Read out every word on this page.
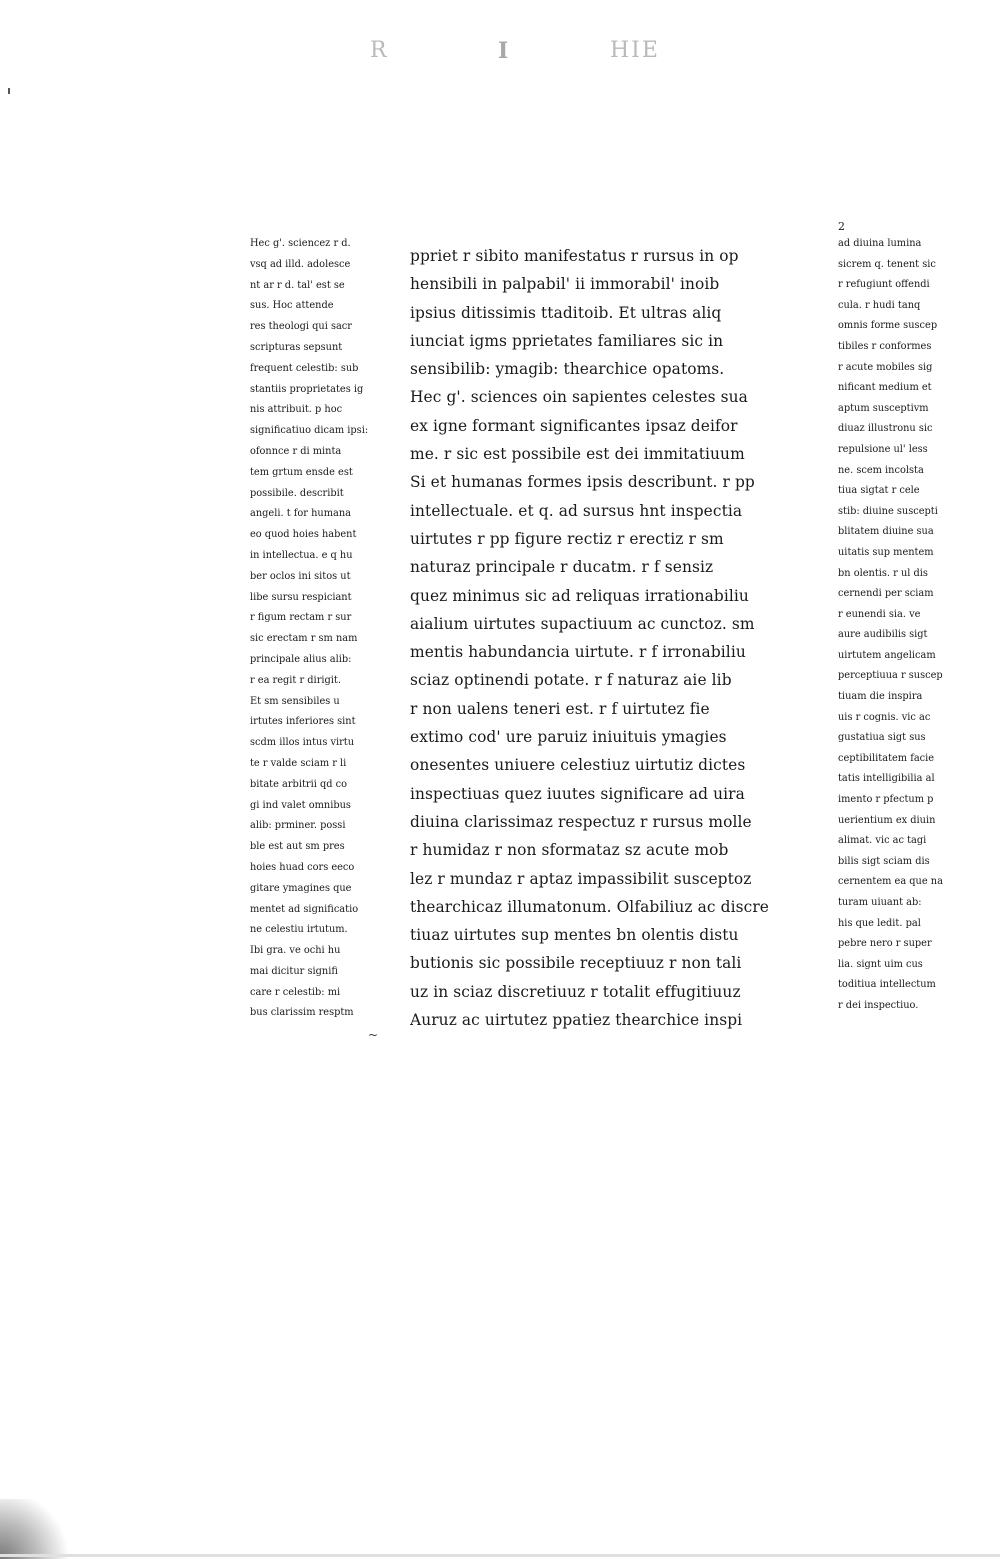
R	I	HIE
Hec g'. sciencez r d.
vsq ad illd. adolesce
nt ar r d. tal' est se
sus. Hoc attende
res theologi qui sacr
scripturas sepsunt
frequent celestib: sub
stantiis proprietates ig
nis attribuit. p hoc
significatiuo dicam ipsi:
ofonnce r di minta
tem grtum ensde est
possibile. describit
angeli. t for humana
eo quod hoies habent
in intellectua. e q hu
ber oclos ini sitos ut
libe sursu respiciant
r figum rectam r sur
sic erectam r sm nam
principale alius alib:
r ea regit r dirigit.
Et sm sensibiles u
irtutes inferiores sint
scdm illos intus virtu
te r valde sciam r li
bitate arbitrii qd co
gi ind valet omnibus
alib: prminer. possi
ble est aut sm pres
hoies huad cors eeco
gitare ymagines que
mentet ad significatio
ne celestiu irtutum.
Ibi gra. ve ochi hu
mai dicitur signifi
care r celestib: mi
bus clarissim resptm
ppriet r sibito manifestatus r rursus in op
hensibili in palpabil' ii immorabil' inoib
ipsius ditissimis ttaditoib. Et ultras aliq
iunciat igms pprietates familiares sic in
sensibilib: ymagib: thearchice opatoms.
Hec g'. sciences oin sapientes celestes sua
ex igne formant significantes ipsaz deifor
me. r sic est possibile est dei immitatiuum
Si et humanas formes ipsis describunt. r pp
intellectuale. et q. ad sursus hnt inspectia
uirtutes r pp figure rectiz r erectiz r sm
naturaz principale r ducatm. r f sensiz
quez minimus sic ad reliquas irrationabiliu
aialium uirtutes supactiuum ac cunctoz. sm
mentis habundancia uirtute. r f irronabiliu
sciaz optinendi potate. r f naturaz aie lib
r non ualens teneri est. r f uirtutez fie
extimo cod' ure paruiz iniuituis ymagies
onesentes uniuere celestiuz uirtutiz dictes
inspectiuas quez iuutes significare ad uira
diuina clarissimaz respectuz r rursus molle
r humidaz r non sformataz sz acute mob
lez r mundaz r aptaz impassibilit susceptoz
thearchicaz illumatonum. Olfabiliuz ac discre
tiuaz uirtutes sup mentes bn olentis distu
butionis sic possibile receptiuuz r non tali
uz in sciaz discretiuuz r totalit effugitiuuz
Auruz ac uirtutez ppatiez thearchice inspi
2
ad diuina lumina
sicrem q. tenent sic
r refugiunt offendi
cula. r hudi tanq
omnis forme suscep
tibiles r conformes
r acute mobiles sig
nificant medium et
aptum susceptivm
diuaz illustronu sic
repulsione ul' less
ne. scem incolsta
tiua sigtat r cele
stib: diuine suscepti
blitatem diuine sua
uitatis sup mentem
bn olentis. r ul dis
cernendi per sciam
r eunendi sia. ve
aure audibilis sigt
uirtutem angelicam
perceptiuua r suscep
tiuam die inspira
uis r cognis. vic ac
gustatiua sigt sus
ceptibilitatem facie
tatis intelligibilia al
imento r pfectum p
uerientium ex diuin
alimat. vic ac tagi
bilis sigt sciam dis
cernentem ea que na
turam uiuant ab:
his que ledit. pal
pebre nero r super
lia. signt uim cus
toditiua intellectum
r dei inspectiuo.
~
